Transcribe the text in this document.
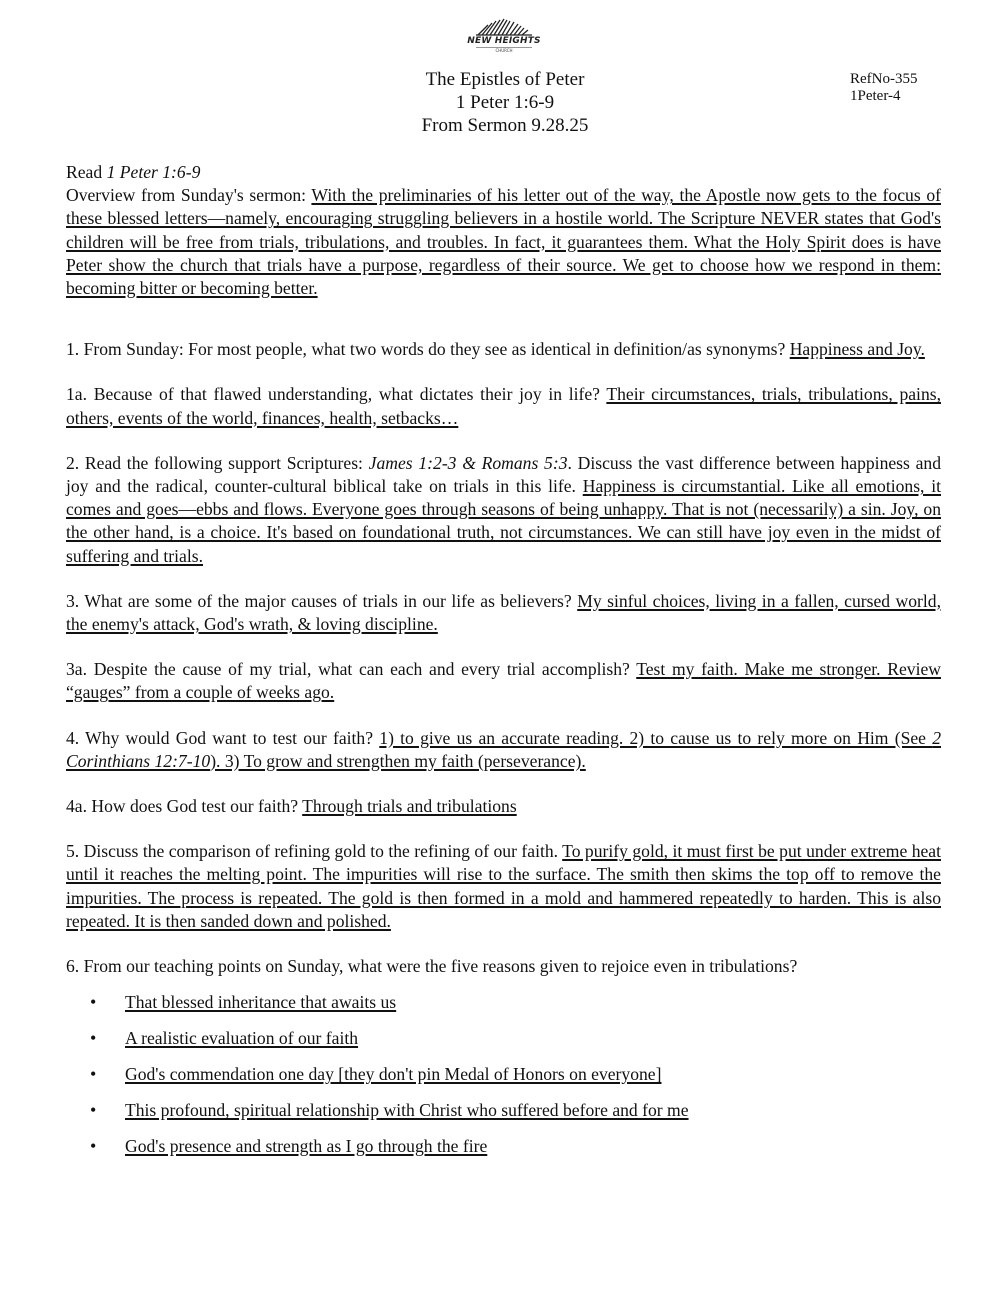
NEW HEIGHTS
CHURCH
The Epistles of Peter
1 Peter 1:6-9
From Sermon 9.28.25
RefNo-355
1Peter-4

Read 1 Peter 1:6-9

Overview from Sunday's sermon: With the preliminaries of his letter out of the way, the Apostle now gets to the focus of these blessed letters—namely, encouraging struggling believers in a hostile world. The Scripture NEVER states that God's children will be free from trials, tribulations, and troubles. In fact, it guarantees them. What the Holy Spirit does is have Peter show the church that trials have a purpose, regardless of their source. We get to choose how we respond in them: becoming bitter or becoming better.

1. From Sunday: For most people, what two words do they see as identical in definition/as synonyms? Happiness and Joy.

1a. Because of that flawed understanding, what dictates their joy in life? Their circumstances, trials, tribulations, pains, others, events of the world, finances, health, setbacks…

2. Read the following support Scriptures: James 1:2-3 & Romans 5:3. Discuss the vast difference between happiness and joy and the radical, counter-cultural biblical take on trials in this life. Happiness is circumstantial. Like all emotions, it comes and goes—ebbs and flows. Everyone goes through seasons of being unhappy. That is not (necessarily) a sin. Joy, on the other hand, is a choice. It's based on foundational truth, not circumstances. We can still have joy even in the midst of suffering and trials.

3. What are some of the major causes of trials in our life as believers? My sinful choices, living in a fallen, cursed world, the enemy's attack, God's wrath, & loving discipline.

3a. Despite the cause of my trial, what can each and every trial accomplish? Test my faith. Make me stronger. Review “gauges” from a couple of weeks ago.

4. Why would God want to test our faith? 1) to give us an accurate reading. 2) to cause us to rely more on Him (See 2 Corinthians 12:7-10). 3) To grow and strengthen my faith (perseverance).

4a. How does God test our faith? Through trials and tribulations

5. Discuss the comparison of refining gold to the refining of our faith. To purify gold, it must first be put under extreme heat until it reaches the melting point. The impurities will rise to the surface. The smith then skims the top off to remove the impurities. The process is repeated. The gold is then formed in a mold and hammered repeatedly to harden. This is also repeated. It is then sanded down and polished.

6. From our teaching points on Sunday, what were the five reasons given to rejoice even in tribulations?

• That blessed inheritance that awaits us
• A realistic evaluation of our faith
• God's commendation one day [they don't pin Medal of Honors on everyone]
• This profound, spiritual relationship with Christ who suffered before and for me
• God's presence and strength as I go through the fire
